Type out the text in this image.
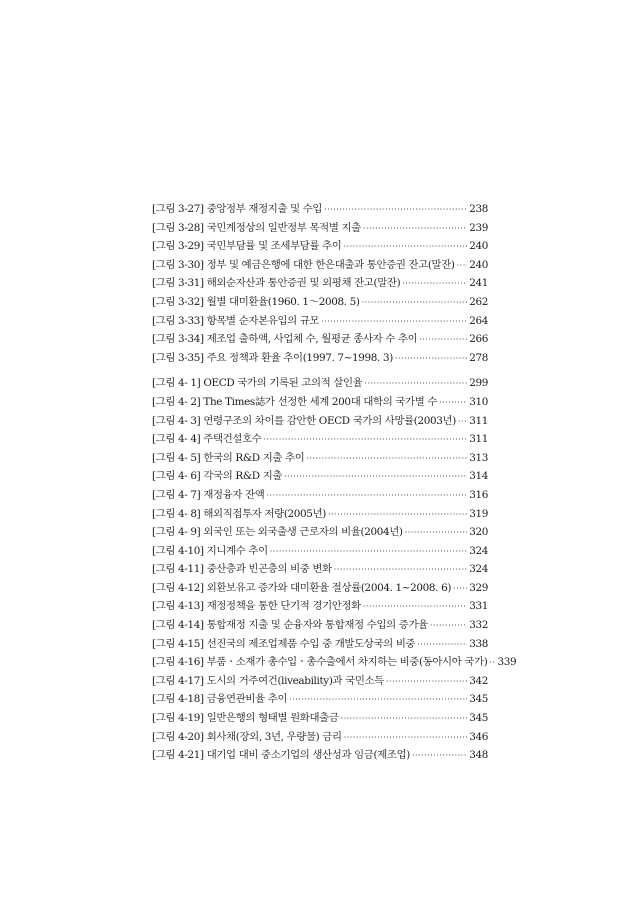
[그림 3-27] 중앙정부 재정지출 및 수입 ·····	238
[그림 3-28] 국민계정상의 일반정부 목적별 지출 ·····	239
[그림 3-29] 국민부담률 및 조세부담률 추이 ·····	240
[그림 3-30] 정부 및 예금은행에 대한 한은대출과 통안증권 잔고(말잔) ····· 240
[그림 3-31] 해외순자산과 통안증권 및 외평채 잔고(말잔) ·····	241
[그림 3-32] 월별 대미환율(1960. 1～2008. 5) ·····	262
[그림 3-33] 항목별 순자본유입의 규모 ·····	264
[그림 3-34] 제조업 출하액, 사업체 수, 월평균 종사자 수 추이 ·····	266
[그림 3-35] 주요 정책과 환율 추이(1997. 7~1998. 3) ·····	278
[그림 4- 1] OECD 국가의 기록된 고의적 살인율 ·····	299
[그림 4- 2] The Times誌가 선정한 세계 200대 대학의 국가별 수 ·····	310
[그림 4- 3] 연령구조의 차이를 감안한 OECD 국가의 사망률(2003년) ····· 311
[그림 4- 4] 주택건설호수 ·····	311
[그림 4- 5] 한국의 R&D 지출 추이 ·····	313
[그림 4- 6] 각국의 R&D 지출 ·····	314
[그림 4- 7] 재정융자 잔액 ·····	316
[그림 4- 8] 해외직접투자 저량(2005년) ·····	319
[그림 4- 9] 외국인 또는 외국출생 근로자의 비율(2004년) ·····	320
[그림 4-10] 지니계수 추이 ·····	324
[그림 4-11] 중산층과 빈곤층의 비중 변화 ·····	324
[그림 4-12] 외환보유고 증가와 대미환율 절상률(2004. 1~2008. 6) ····· 329
[그림 4-13] 재정정책을 통한 단기적 경기안정화 ·····	331
[그림 4-14] 통합재정 지출 및 순융자와 통합재정 수입의 증가율 ·····	332
[그림 4-15] 선진국의 제조업제품 수입 중 개발도상국의 비중 ·····	338
[그림 4-16] 부품ㆍ소재가 총수입ㆍ총수출에서 차지하는 비중(동아시아 국가) ····· 339
[그림 4-17] 도시의 거주여건(liveability)과 국민소득 ·····	342
[그림 4-18] 금융연관비율 추이 ·····	345
[그림 4-19] 일반은행의 형태별 원화대출금 ·····	345
[그림 4-20] 회사채(장외, 3년, 우량물) 금리 ·····	346
[그림 4-21] 대기업 대비 중소기업의 생산성과 임금(제조업) ·····	348
